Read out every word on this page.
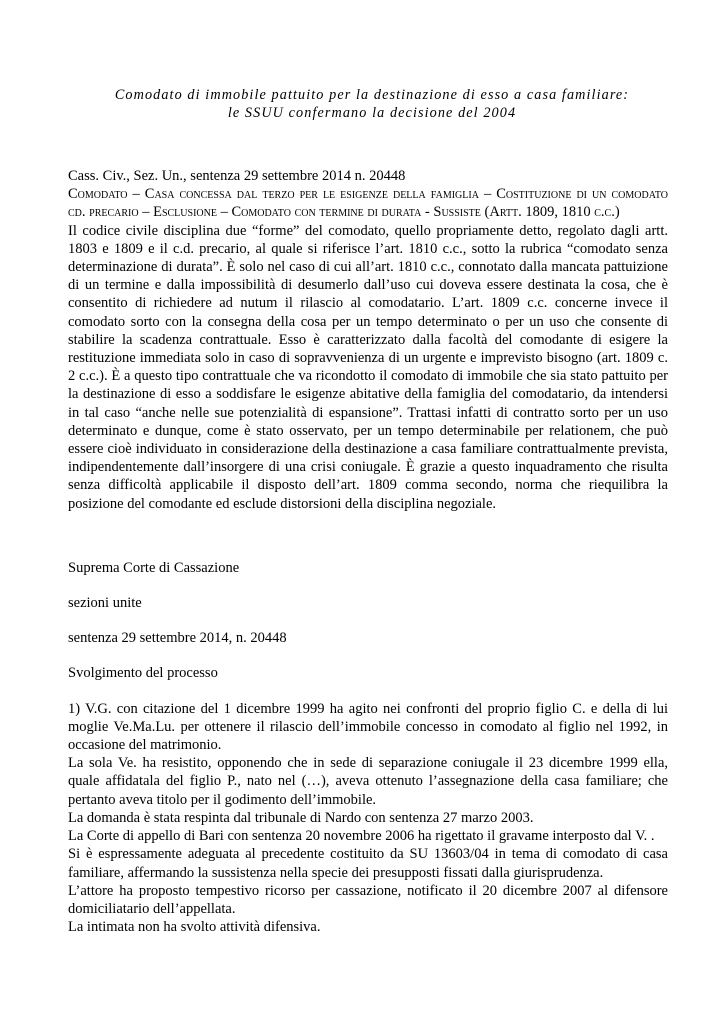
Comodato di immobile pattuito per la destinazione di esso a casa familiare:
le SSUU confermano la decisione del 2004
Cass. Civ., Sez. Un., sentenza 29 settembre 2014 n. 20448
Comodato – Casa concessa dal terzo per le esigenze della famiglia – Costituzione di un comodato cd. precario – Esclusione – Comodato con termine di durata - Sussiste (Artt. 1809, 1810 c.c.)

Il codice civile disciplina due “forme” del comodato, quello propriamente detto, regolato dagli artt. 1803 e 1809 e il c.d. precario, al quale si riferisce l’art. 1810 c.c., sotto la rubrica “comodato senza determinazione di durata”. È solo nel caso di cui all’art. 1810 c.c., connotato dalla mancata pattuizione di un termine e dalla impossibilità di desumerlo dall’uso cui doveva essere destinata la cosa, che è consentito di richiedere ad nutum il rilascio al comodatario. L’art. 1809 c.c. concerne invece il comodato sorto con la consegna della cosa per un tempo determinato o per un uso che consente di stabilire la scadenza contrattuale. Esso è caratterizzato dalla facoltà del comodante di esigere la restituzione immediata solo in caso di sopravvenienza di un urgente e imprevisto bisogno (art. 1809 c. 2 c.c.). È a questo tipo contrattuale che va ricondotto il comodato di immobile che sia stato pattuito per la destinazione di esso a soddisfare le esigenze abitative della famiglia del comodatario, da intendersi in tal caso “anche nelle sue potenzialità di espansione”. Trattasi infatti di contratto sorto per un uso determinato e dunque, come è stato osservato, per un tempo determinabile per relationem, che può essere cioè individuato in considerazione della destinazione a casa familiare contrattualmente prevista, indipendentemente dall’insorgere di una crisi coniugale. È grazie a questo inquadramento che risulta senza difficoltà applicabile il disposto dell’art. 1809 comma secondo, norma che riequilibra la posizione del comodante ed esclude distorsioni della disciplina negoziale.

Suprema Corte di Cassazione

sezioni unite

sentenza 29 settembre 2014, n. 20448

Svolgimento del processo

1) V.G. con citazione del 1 dicembre 1999 ha agito nei confronti del proprio figlio C. e della di lui moglie Ve.Ma.Lu. per ottenere il rilascio dell’immobile concesso in comodato al figlio nel 1992, in occasione del matrimonio.

La sola Ve. ha resistito, opponendo che in sede di separazione coniugale il 23 dicembre 1999 ella, quale affidatala del figlio P., nato nel (…), aveva ottenuto l’assegnazione della casa familiare; che pertanto aveva titolo per il godimento dell’immobile.

La domanda è stata respinta dal tribunale di Nardo con sentenza 27 marzo 2003.

La Corte di appello di Bari con sentenza 20 novembre 2006 ha rigettato il gravame interposto dal V. .

Si è espressamente adeguata al precedente costituito da SU 13603/04 in tema di comodato di casa familiare, affermando la sussistenza nella specie dei presupposti fissati dalla giurisprudenza.

L’attore ha proposto tempestivo ricorso per cassazione, notificato il 20 dicembre 2007 al difensore domiciliatario dell’appellata.

La intimata non ha svolto attività difensiva.
